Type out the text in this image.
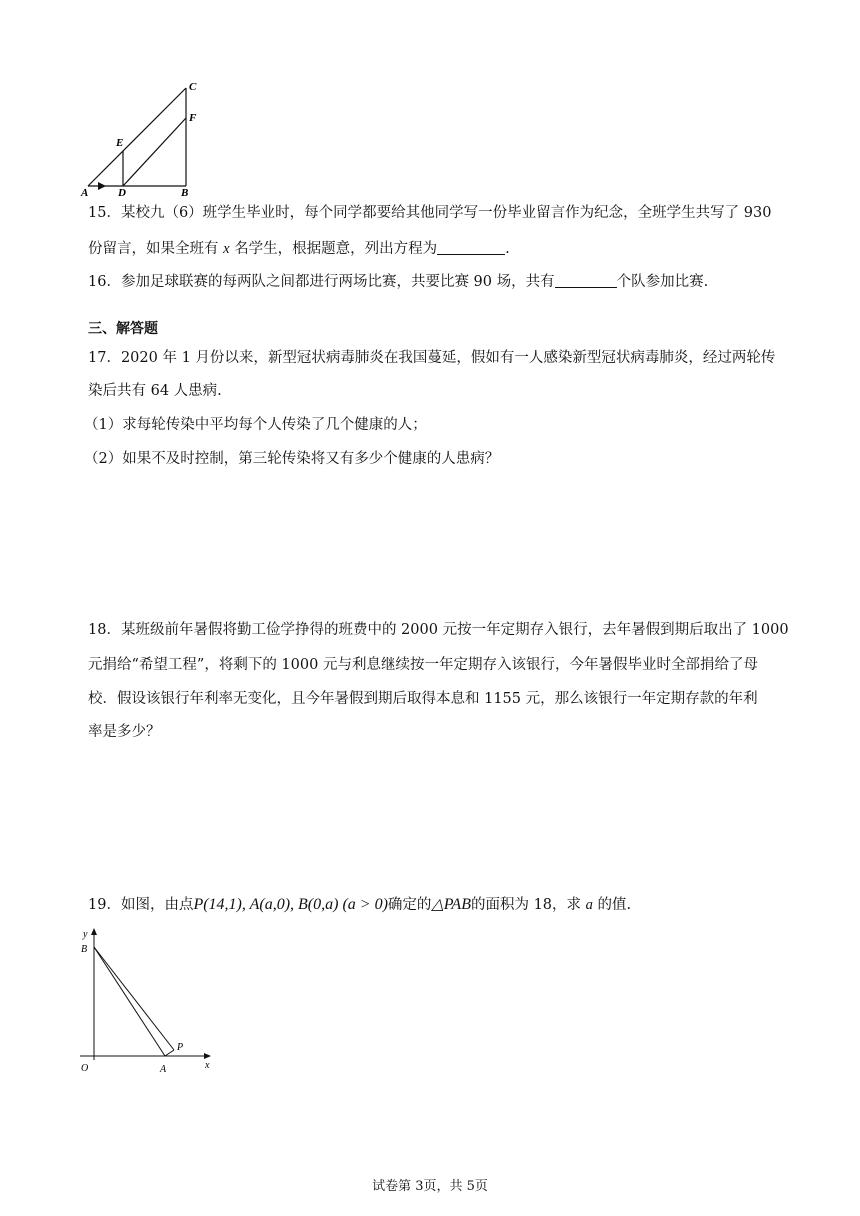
A	D	B
E
F
C
15．某校九（6）班学生毕业时，每个同学都要给其他同学写一份毕业留言作为纪念，全班学生共写了 930
份留言，如果全班有 x 名学生，根据题意，列出方程为	.
16．参加足球联赛的每两队之间都进行两场比赛，共要比赛 90 场，共有	个队参加比赛.
三、解答题
17．2020 年 1 月份以来，新型冠状病毒肺炎在我国蔓延，假如有一人感染新型冠状病毒肺炎，经过两轮传
染后共有 64 人患病.
（1）求每轮传染中平均每个人传染了几个健康的人；
（2）如果不及时控制，第三轮传染将又有多少个健康的人患病？
18．某班级前年暑假将勤工俭学挣得的班费中的 2000 元按一年定期存入银行，去年暑假到期后取出了 1000
元捐给“希望工程”，将剩下的 1000 元与利息继续按一年定期存入该银行，今年暑假毕业时全部捐给了母
校．假设该银行年利率无变化，且今年暑假到期后取得本息和 1155 元，那么该银行一年定期存款的年利
率是多少？
19．如图，由点P(14,1), A(a,0), B(0,a) (a > 0)确定的△PAB的面积为 18，求 a 的值.
y
B
O	A
P
x
试卷第 3页，共 5页
